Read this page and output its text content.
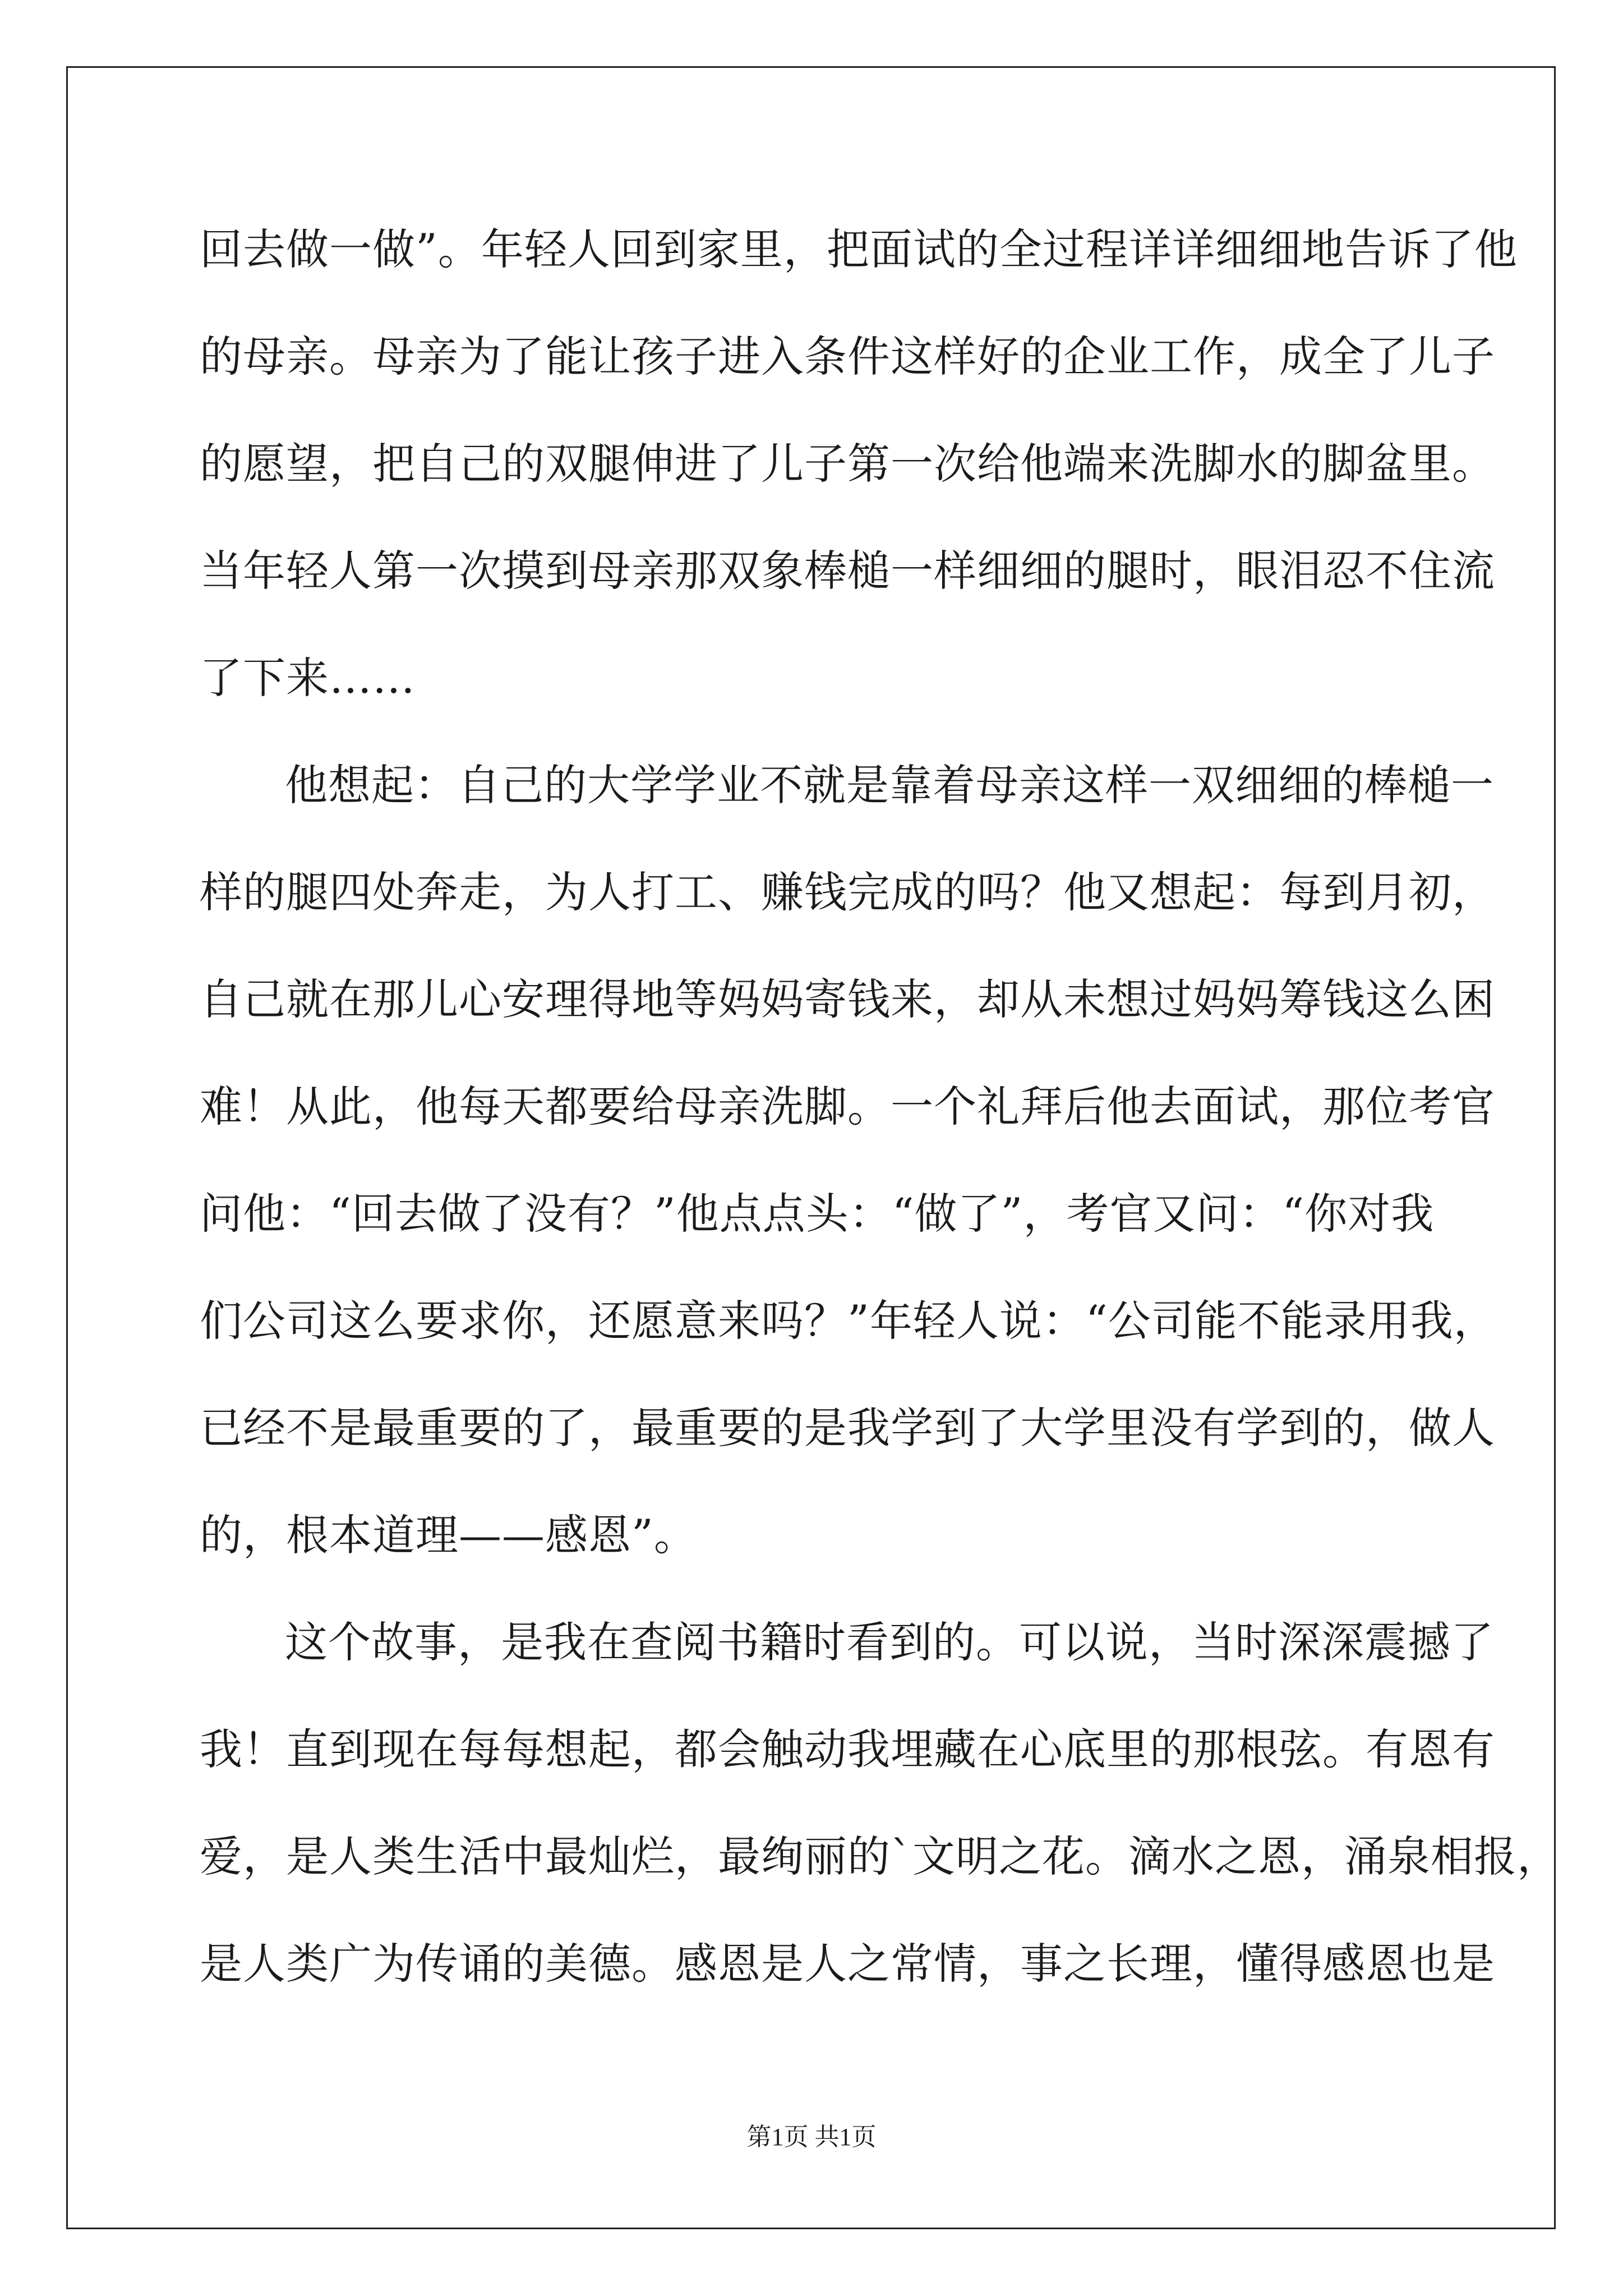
回去做一做”。年轻人回到家里，把面试的全过程详详细细地告诉了他
的母亲。母亲为了能让孩子进入条件这样好的企业工作，成全了儿子
的愿望，把自己的双腿伸进了儿子第一次给他端来洗脚水的脚盆里。
当年轻人第一次摸到母亲那双象棒槌一样细细的腿时，眼泪忍不住流
了下来……
他想起：自己的大学学业不就是靠着母亲这样一双细细的棒槌一
样的腿四处奔走，为人打工、赚钱完成的吗？他又想起：每到月初，
自己就在那儿心安理得地等妈妈寄钱来，却从未想过妈妈筹钱这么困
难！从此，他每天都要给母亲洗脚。一个礼拜后他去面试，那位考官
问他：“回去做了没有？”他点点头：“做了”，考官又问：“你对我
们公司这么要求你，还愿意来吗？”年轻人说：“公司能不能录用我，
已经不是最重要的了，最重要的是我学到了大学里没有学到的，做人
的，根本道理——感恩”。
这个故事，是我在查阅书籍时看到的。可以说，当时深深震撼了
我！直到现在每每想起，都会触动我埋藏在心底里的那根弦。有恩有
爱，是人类生活中最灿烂，最绚丽的`文明之花。滴水之恩，涌泉相报，
是人类广为传诵的美德。感恩是人之常情，事之长理，懂得感恩也是
第1页 共1页
